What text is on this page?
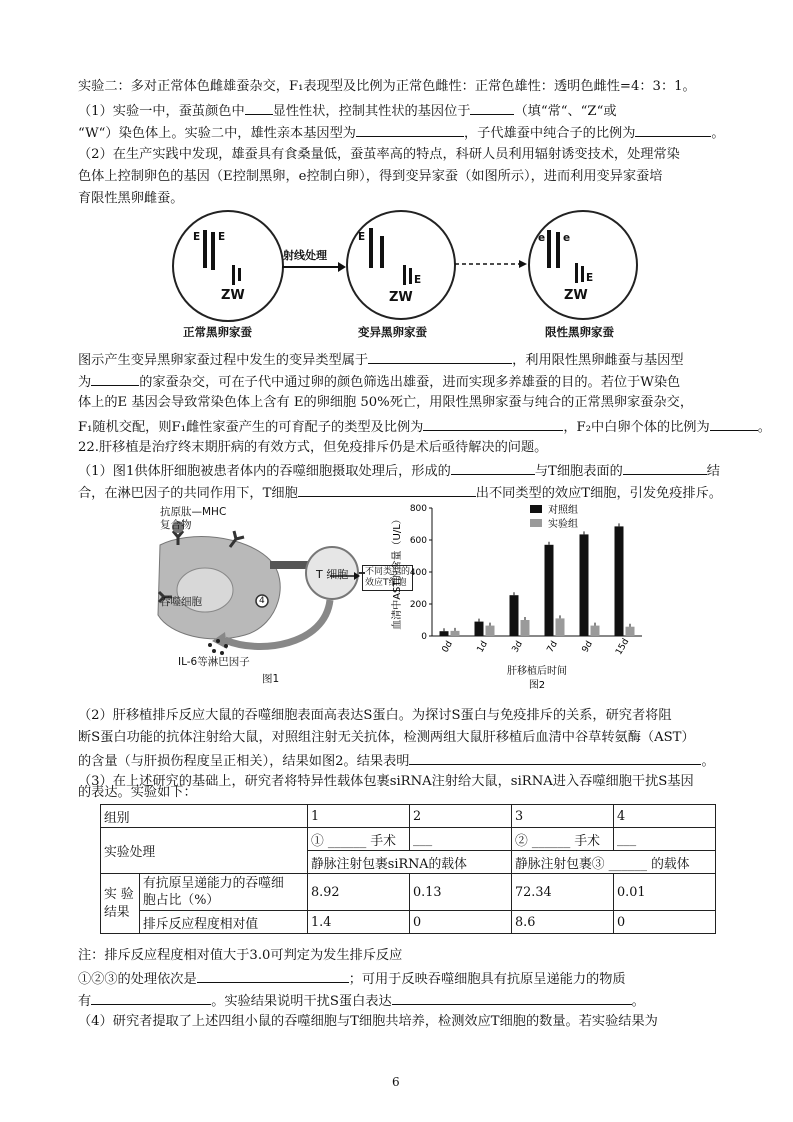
实验二：多对正常体色雌雄蚕杂交，F₁表现型及比例为正常色雌性：正常色雄性：透明色雌性=4：3：1。
（1）实验一中，蚕茧颜色中 显性性状，控制其性状的基因位于	（填“常“、“Z“或
“W“）染色体上。实验二中，雄性亲本基因型为	，子代雄蚕中纯合子的比例为	。
（2）在生产实践中发现，雄蚕具有食桑量低，蚕茧率高的特点，科研人员利用辐射诱变技术，处理常染
色体上控制卵色的基因（E控制黑卵，e控制白卵），得到变异家蚕（如图所示），进而利用变异家蚕培
育限性黑卵雌蚕。
E E
ZW
正常黑卵家蚕
射线处理
E
E
ZW
变异黑卵家蚕
e e
E
ZW
限性黑卵家蚕
图示产生变异黑卵家蚕过程中发生的变异类型属于	，利用限性黑卵雌蚕与基因型
为	的家蚕杂交，可在子代中通过卵的颜色筛选出雄蚕，进而实现多养雄蚕的目的。若位于W染色
体上的E 基因会导致常染色体上含有 E的卵细胞 50%死亡，用限性黑卵家蚕与纯合的正常黑卵家蚕杂交，
F₁随机交配，则F₁雌性家蚕产生的可育配子的类型及比例为	，F₂中白卵个体的比例为	。
22.肝移植是治疗终末期肝病的有效方式，但免疫排斥仍是术后亟待解决的问题。
（1）图1供体肝细胞被患者体内的吞噬细胞摄取处理后，形成的	与T细胞表面的	结
合，在淋巴因子的共同作用下，T细胞	出不同类型的效应T细胞，引发免疫排斥。
抗原肽—MHC
复合物
吞噬细胞	4
T 细胞	不同类型的
效应T细胞
IL-6等淋巴因子
图1
0
200
400
600
800
血清中AST的含量（U/L）
0d 1d 3d 7d 9d 15d
对照组
实验组
肝移植后时间
图2
（2）肝移植排斥反应大鼠的吞噬细胞表面高表达S蛋白。为探讨S蛋白与免疫排斥的关系，研究者将阻
断S蛋白功能的抗体注射给大鼠，对照组注射无关抗体，检测两组大鼠肝移植后血清中谷草转氨酶（AST）
的含量（与肝损伤程度呈正相关），结果如图2。结果表明	。
（3）在上述研究的基础上，研究者将特异性载体包裹siRNA注射给大鼠，siRNA进入吞噬细胞干扰S基因
的表达。实验如下：
组别		1	2	3	4
实验处理		① ______ 手术	___	② ______ 手术	___
		静脉注射包裹siRNA的载体		静脉注射包裹③ ______ 的载体	
实 验
结果	有抗原呈递能力的吞噬细
胞占比（%）	8.92	0.13	72.34	0.01
	排斥反应程度相对值	1.4	0	8.6	0
注：排斥反应程度相对值大于3.0可判定为发生排斥反应
①②③的处理依次是	；可用于反映吞噬细胞具有抗原呈递能力的物质
有	。实验结果说明干扰S蛋白表达	。
（4）研究者提取了上述四组小鼠的吞噬细胞与T细胞共培养，检测效应T细胞的数量。若实验结果为
6
